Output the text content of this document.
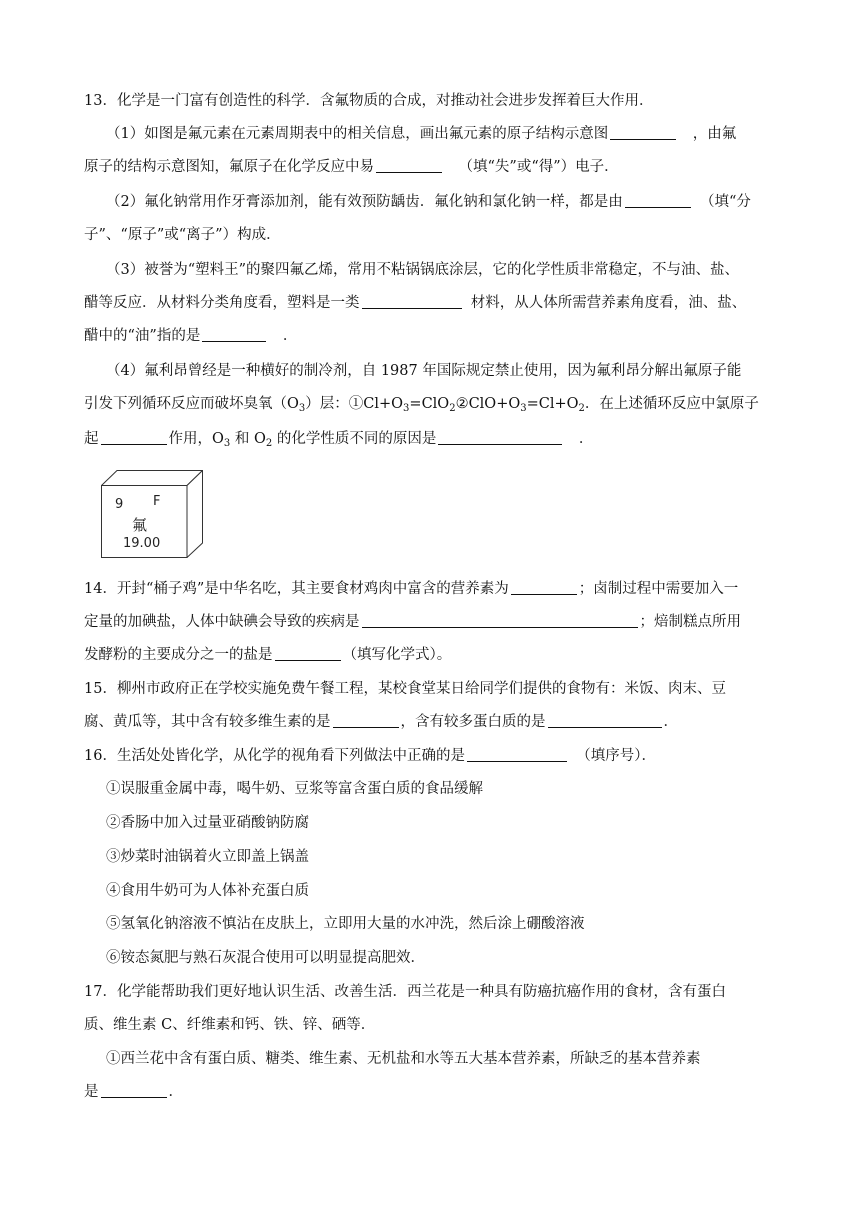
13．化学是一门富有创造性的科学．含氟物质的合成，对推动社会进步发挥着巨大作用．
（1）如图是氟元素在元素周期表中的相关信息，画出氟元素的原子结构示意图 	，由氟
原子的结构示意图知，氟原子在化学反应中易 	（填“失”或“得”）电子．
（2）氟化钠常用作牙膏添加剂，能有效预防龋齿．氟化钠和氯化钠一样，都是由 	（填“分
子”、“原子”或“离子”）构成．
（3）被誉为“塑料王”的聚四氟乙烯，常用不粘锅锅底涂层，它的化学性质非常稳定，不与油、盐、
醋等反应．从材料分类角度看，塑料是一类 	材料，从人体所需营养素角度看，油、盐、
醋中的“油”指的是 	．
（4）氟利昂曾经是一种横好的制冷剂，自 1987 年国际规定禁止使用，因为氟利昂分解出氟原子能
引发下列循环反应而破坏臭氧$(O_3)$层：$①Cl+O_3=ClO_2②ClO+O_3=Cl+O_2$．在上述循环反应中氯原子
起	作用，$O_3$ 和 $O_2$ 的化学性质不同的原因是 	．
9 F
氟
19.00
14．开封“桶子鸡”是中华名吃，其主要食材鸡肉中富含的营养素为	；卤制过程中需要加入一
定量的加碘盐，人体中缺碘会导致的疾病是	；焙制糕点所用
发酵粉的主要成分之一的盐是	（填写化学式）。
15．柳州市政府正在学校实施免费午餐工程，某校食堂某日给同学们提供的食物有：米饭、肉末、豆
腐、黄瓜等，其中含有较多维生素的是	，含有较多蛋白质的是	．
16．生活处处皆化学，从化学的视角看下列做法中正确的是 	（填序号）．
①误服重金属中毒，喝牛奶、豆浆等富含蛋白质的食品缓解
②香肠中加入过量亚硝酸钠防腐
③炒菜时油锅着火立即盖上锅盖
④食用牛奶可为人体补充蛋白质
⑤氢氧化钠溶液不慎沾在皮肤上，立即用大量的水冲洗，然后涂上硼酸溶液
⑥铵态氮肥与熟石灰混合使用可以明显提高肥效．
17．化学能帮助我们更好地认识生活、改善生活．西兰花是一种具有防癌抗癌作用的食材，含有蛋白
质、维生素 C、纤维素和钙、铁、锌、硒等．
①西兰花中含有蛋白质、糖类、维生素、无机盐和水等五大基本营养素，所缺乏的基本营养素
是	．
